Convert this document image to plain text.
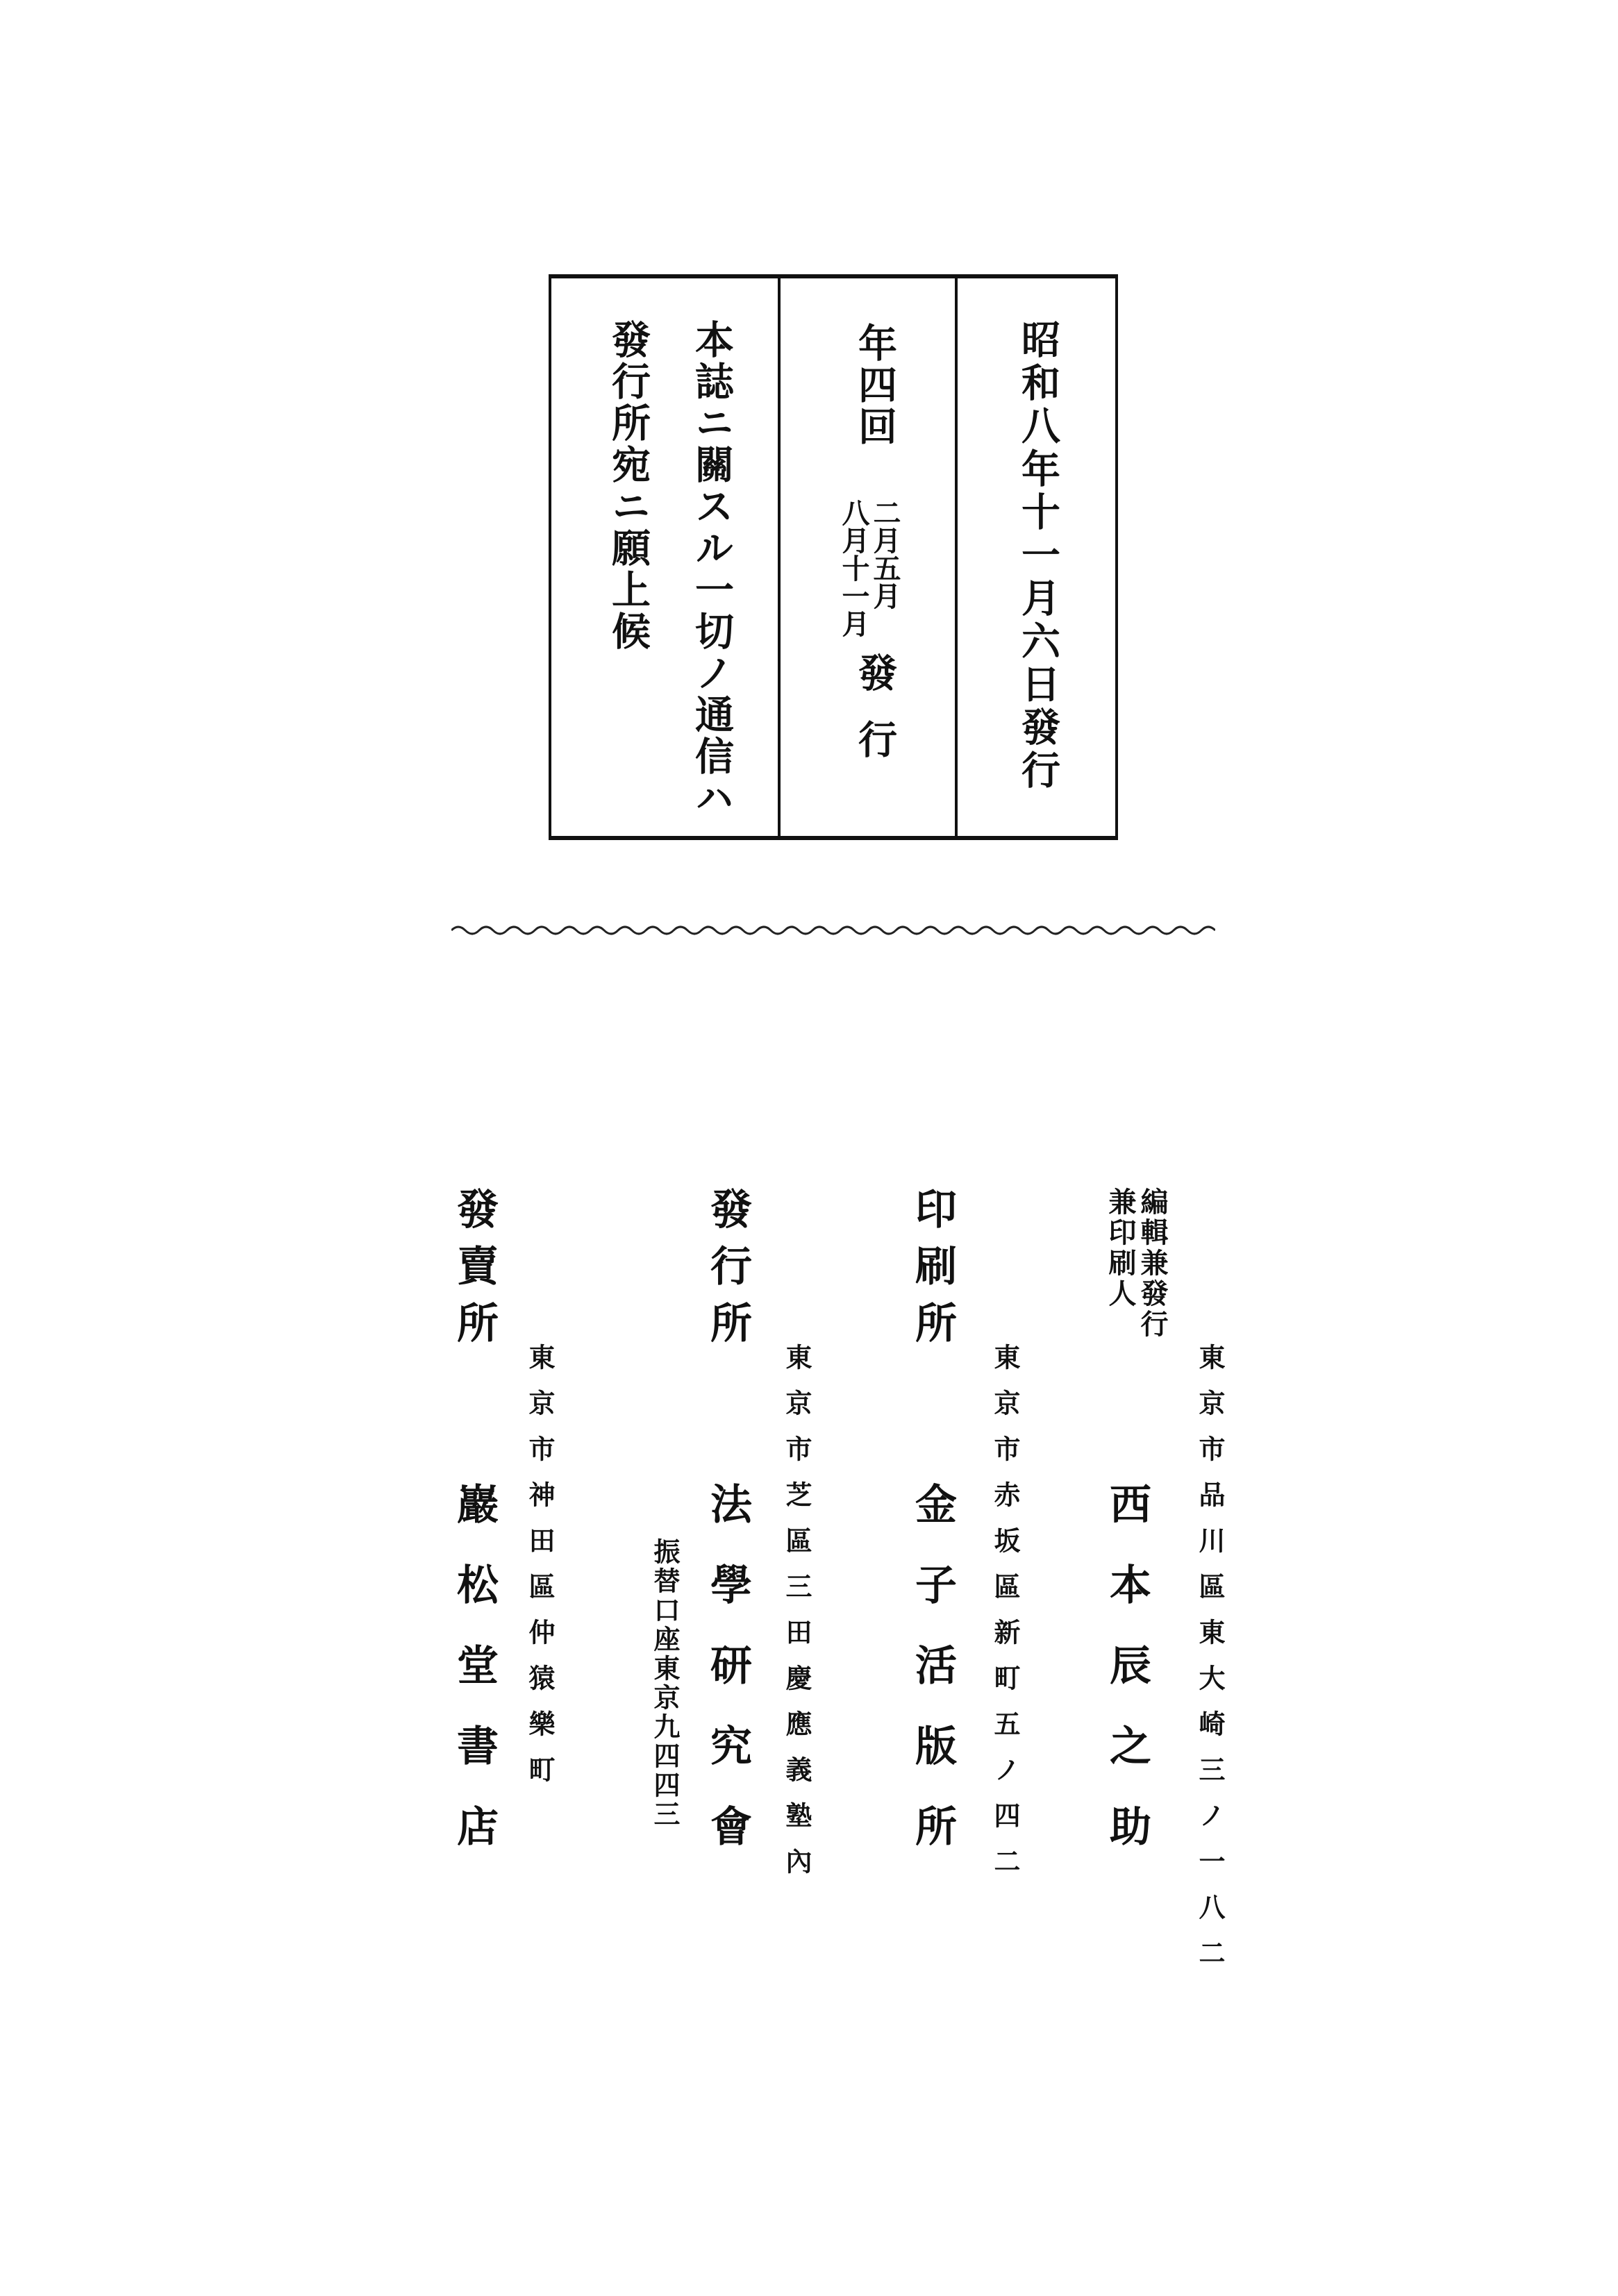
昭和八年十一月六日發行
年四回
二月五月
八月十一月
發行
本誌ニ關スル一切ノ通信ハ
發行所宛ニ願上候
編輯兼發行
兼印刷人
東京市品川區東大崎三ノ一八二
西本辰之助
印刷所
東京市赤坂區新町五ノ四二
金子活版所
發行所
東京市芝區三田慶應義塾內
法學研究會
振替口座東京九四四三
發賣所
東京市神田區仲猿樂町
巖松堂書店
